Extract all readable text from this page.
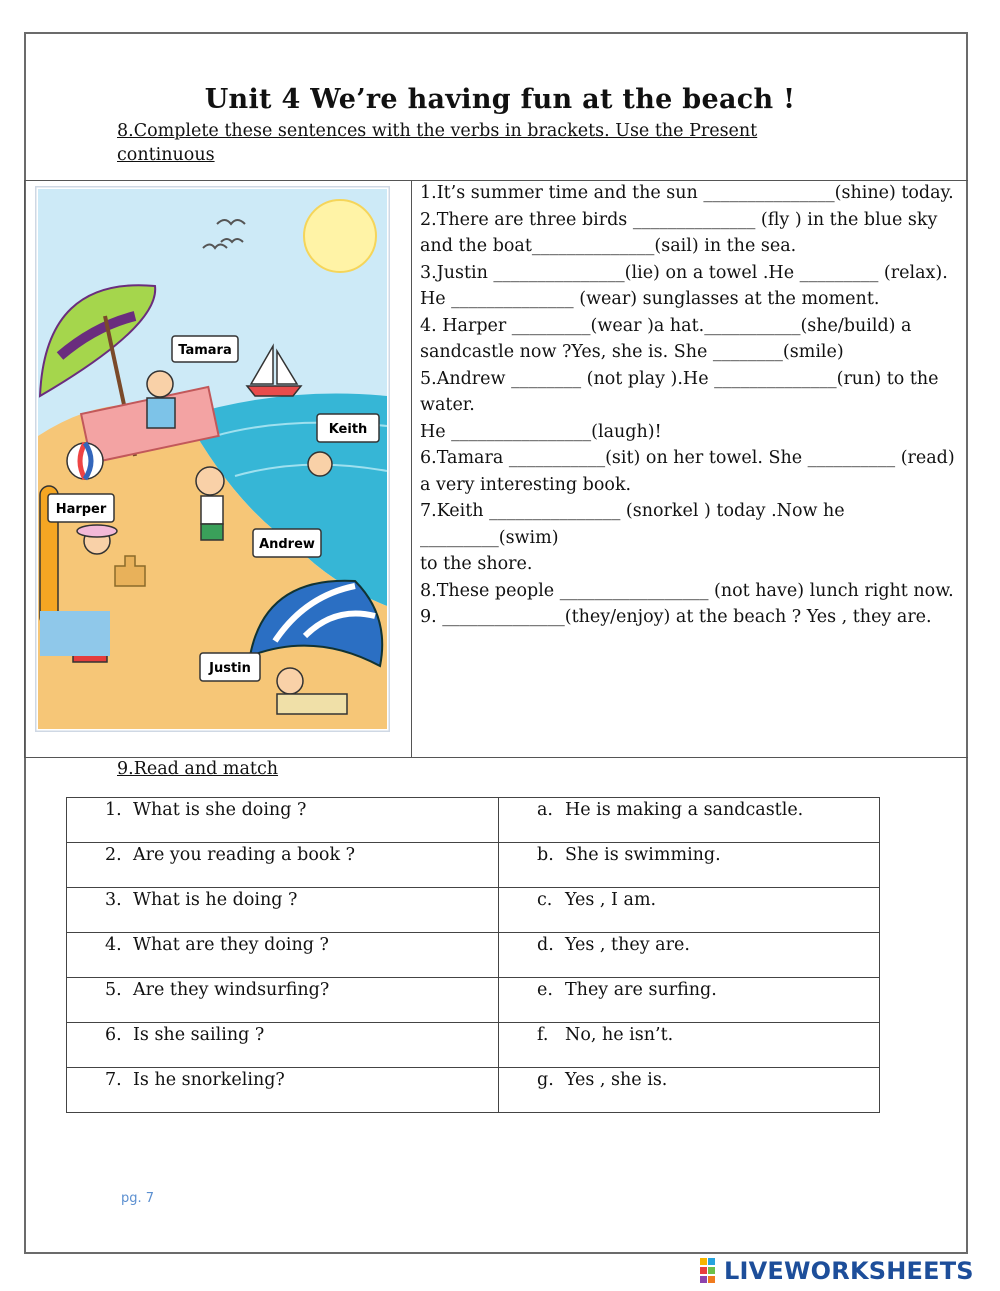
Unit 4 We’re having fun at the beach !
8.Complete these sentences with the verbs in brackets. Use the Present continuous
Tamara
Keith
Harper
Andrew
Justin
1.It’s summer time and the sun _______________(shine) today.
2.There are three birds ______________ (fly ) in the blue sky and the boat______________(sail) in the sea.
3.Justin _______________(lie) on a towel .He _________ (relax). He ______________ (wear) sunglasses at the moment.
4. Harper _________(wear )a hat.___________(she/build) a sandcastle now ?Yes, she is. She ________(smile)
5.Andrew ________ (not play ).He ______________(run) to the water.
He ________________(laugh)!
6.Tamara ___________(sit) on her towel. She __________ (read) a very interesting book.
7.Keith _______________ (snorkel ) today .Now he _________(swim)
to the shore.
8.These people _________________ (not have) lunch right now.
9. ______________(they/enjoy) at the beach ? Yes , they are.
9.Read and match
1. What is she doing ?	a. He is making a sandcastle.
2. Are you reading a book ?	b. She is swimming.
3. What is he doing ?	c. Yes , I am.
4. What are they doing ?	d. Yes , they are.
5. Are they windsurfing?	e. They are surfing.
6. Is she sailing ?	f. No, he isn’t.
7. Is he snorkeling?	g. Yes , she is.
pg. 7
LIVEWORKSHEETS
